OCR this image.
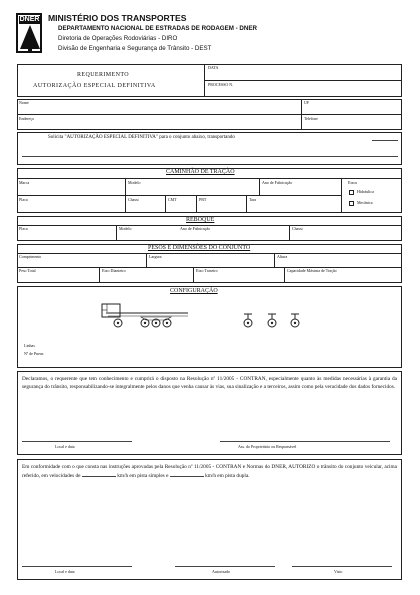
DNER MINISTÉRIO DOS TRANSPORTES
DEPARTAMENTO NACIONAL DE ESTRADAS DE RODAGEM - DNER
Diretoria de Operações Rodoviárias - DIRO
Divisão de Engenharia e Segurança de Trânsito - DEST
REQUERIMENTO
AUTORIZAÇÃO ESPECIAL DEFINITIVA
DATA
PROCESSO N.
Nome	UF
Endereço	Telefone
Solicita "AUTORIZAÇÃO ESPECIAL DEFINITIVA" para o conjunto abaixo, transportando
CAMINHÃO DE TRAÇÃO
Marca	Modelo	Ano de Fabricação
Placa	Chassi	CMT	PBT	Tara
Eixos
Hidráulica
Mecânica
REBOQUE
Placa	Modelo	Ano de Fabricação	Chassi
PESOS E DIMENSÕES DO CONJUNTO
Comprimento	Largura	Altura
Peso Total	Eixo Dianteiro	Eixo Traseiro	Capacidade Máxima de Tração
CONFIGURAÇÃO
Linhas
Nº de Pneus
Declaramos, o requerente que tem conhecimento e cumprirá o disposto na Resolução nº 11/2005 - CONTRAN, especialmente quanto às medidas necessárias à garantia da segurança do trânsito, responsabilizando-se integralmente pelos danos que venha causar às vias, sua sinalização e a terceiros, assim como pela veracidade dos dados fornecidos.
Local e data	Ass. do Proprietário ou Responsável
Em conformidade com o que consta nas instruções aprovadas pela Resolução nº 11/2005 - CONTRAN e Normas do DNER, AUTORIZO o trânsito do conjunto veicular, acima referido, em velocidades de	km/h em pista simples e	km/h em pista dupla.
Local e data	Autorizado	Visto
